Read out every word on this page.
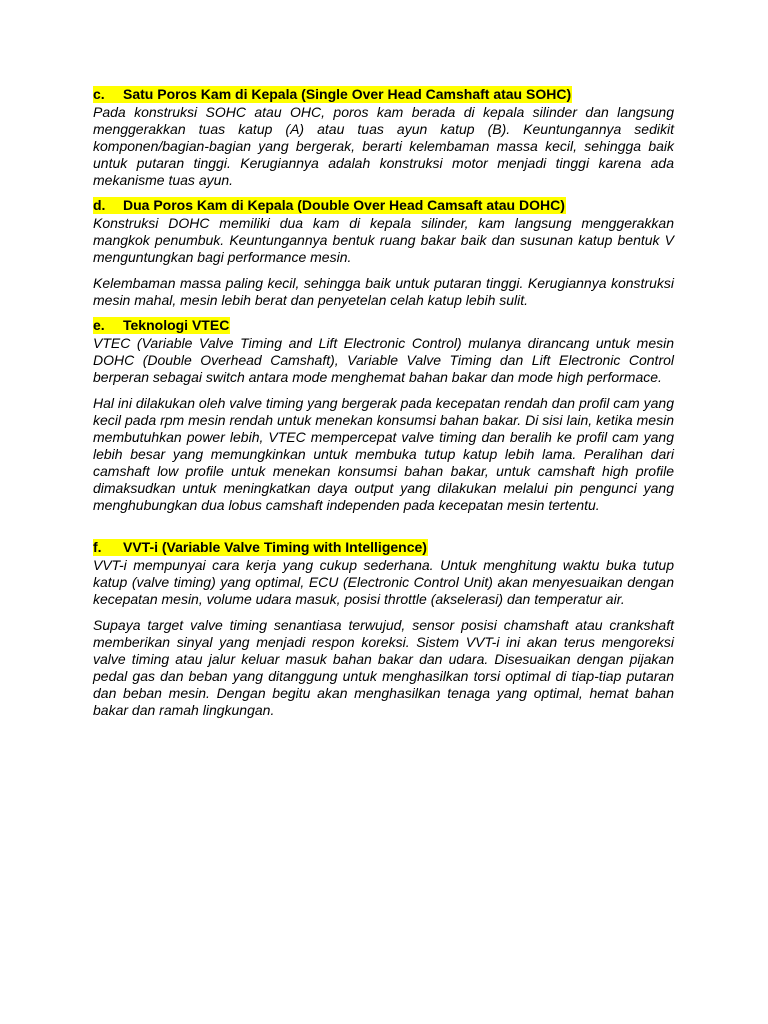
c. Satu Poros Kam di Kepala (Single Over Head Camshaft atau SOHC)

Pada konstruksi SOHC atau OHC, poros kam berada di kepala silinder dan langsung menggerakkan tuas katup (A) atau tuas ayun katup (B). Keuntungannya sedikit komponen/bagian-bagian yang bergerak, berarti kelembaman massa kecil, sehingga baik untuk putaran tinggi. Kerugiannya adalah konstruksi motor menjadi tinggi karena ada mekanisme tuas ayun.

d. Dua Poros Kam di Kepala (Double Over Head Camsaft atau DOHC)

Konstruksi DOHC memiliki dua kam di kepala silinder, kam langsung menggerakkan mangkok penumbuk. Keuntungannya bentuk ruang bakar baik dan susunan katup bentuk V menguntungkan bagi performance mesin.

Kelembaman massa paling kecil, sehingga baik untuk putaran tinggi. Kerugiannya konstruksi mesin mahal, mesin lebih berat dan penyetelan celah katup lebih sulit.

e. Teknologi VTEC

VTEC (Variable Valve Timing and Lift Electronic Control) mulanya dirancang untuk mesin DOHC (Double Overhead Camshaft), Variable Valve Timing dan Lift Electronic Control berperan sebagai switch antara mode menghemat bahan bakar dan mode high performace.

Hal ini dilakukan oleh valve timing yang bergerak pada kecepatan rendah dan profil cam yang kecil pada rpm mesin rendah untuk menekan konsumsi bahan bakar. Di sisi lain, ketika mesin membutuhkan power lebih, VTEC mempercepat valve timing dan beralih ke profil cam yang lebih besar yang memungkinkan untuk membuka tutup katup lebih lama. Peralihan dari camshaft low profile untuk menekan konsumsi bahan bakar, untuk camshaft high profile dimaksudkan untuk meningkatkan daya output yang dilakukan melalui pin pengunci yang menghubungkan dua lobus camshaft independen pada kecepatan mesin tertentu.

f. VVT-i (Variable Valve Timing with Intelligence)

VVT-i mempunyai cara kerja yang cukup sederhana. Untuk menghitung waktu buka tutup katup (valve timing) yang optimal, ECU (Electronic Control Unit) akan menyesuaikan dengan kecepatan mesin, volume udara masuk, posisi throttle (akselerasi) dan temperatur air.

Supaya target valve timing senantiasa terwujud, sensor posisi chamshaft atau crankshaft memberikan sinyal yang menjadi respon koreksi. Sistem VVT-i ini akan terus mengoreksi valve timing atau jalur keluar masuk bahan bakar dan udara. Disesuaikan dengan pijakan pedal gas dan beban yang ditanggung untuk menghasilkan torsi optimal di tiap-tiap putaran dan beban mesin. Dengan begitu akan menghasilkan tenaga yang optimal, hemat bahan bakar dan ramah lingkungan.
